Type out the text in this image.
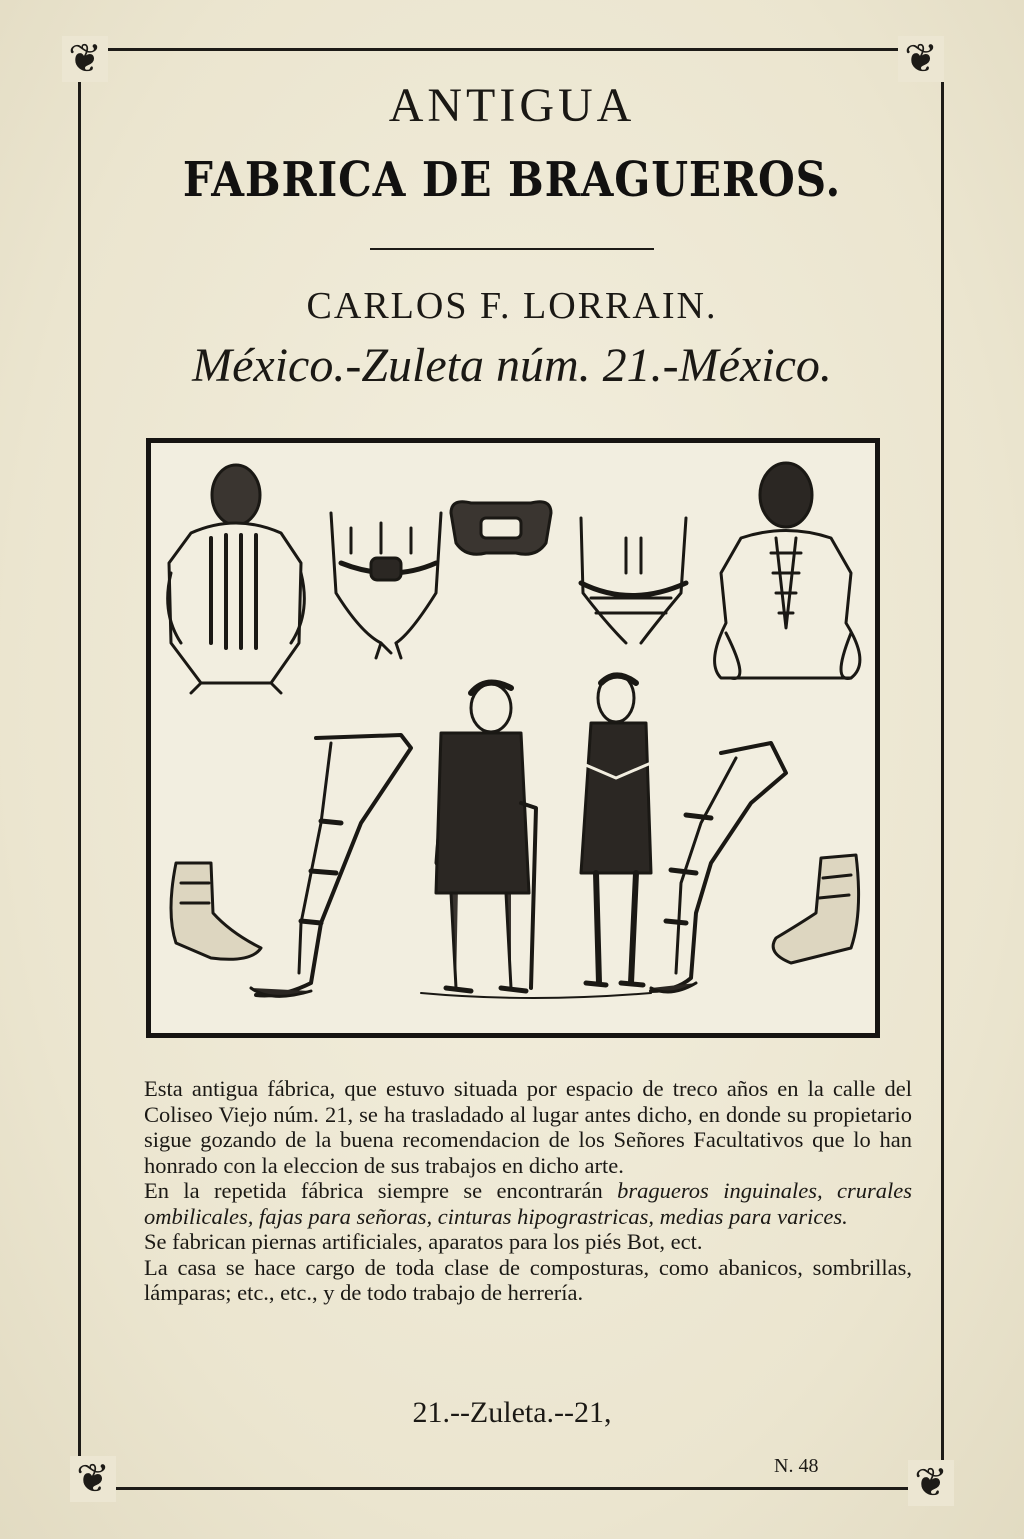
❦	❦
❦	❦
ANTIGUA
FABRICA DE BRAGUEROS.
CARLOS F. LORRAIN.
México.-Zuleta núm. 21.-México.

Esta antigua fábrica, que estuvo situada por espacio de treco años en la calle del Coliseo Viejo núm. 21, se ha trasladado al lugar antes dicho, en donde su propietario sigue gozando de la buena recomendacion de los Señores Facultativos que lo han honrado con la eleccion de sus trabajos en dicho arte.

En la repetida fábrica siempre se encontrarán bragueros inguinales, crurales ombilicales, fajas para señoras, cinturas hipograstricas, medias para varices.

Se fabrican piernas artificiales, aparatos para los piés Bot, ect.

La casa se hace cargo de toda clase de composturas, como abanicos, sombrillas, lámparas; etc., etc., y de todo trabajo de herrería.

21.--Zuleta.--21,
N. 48
